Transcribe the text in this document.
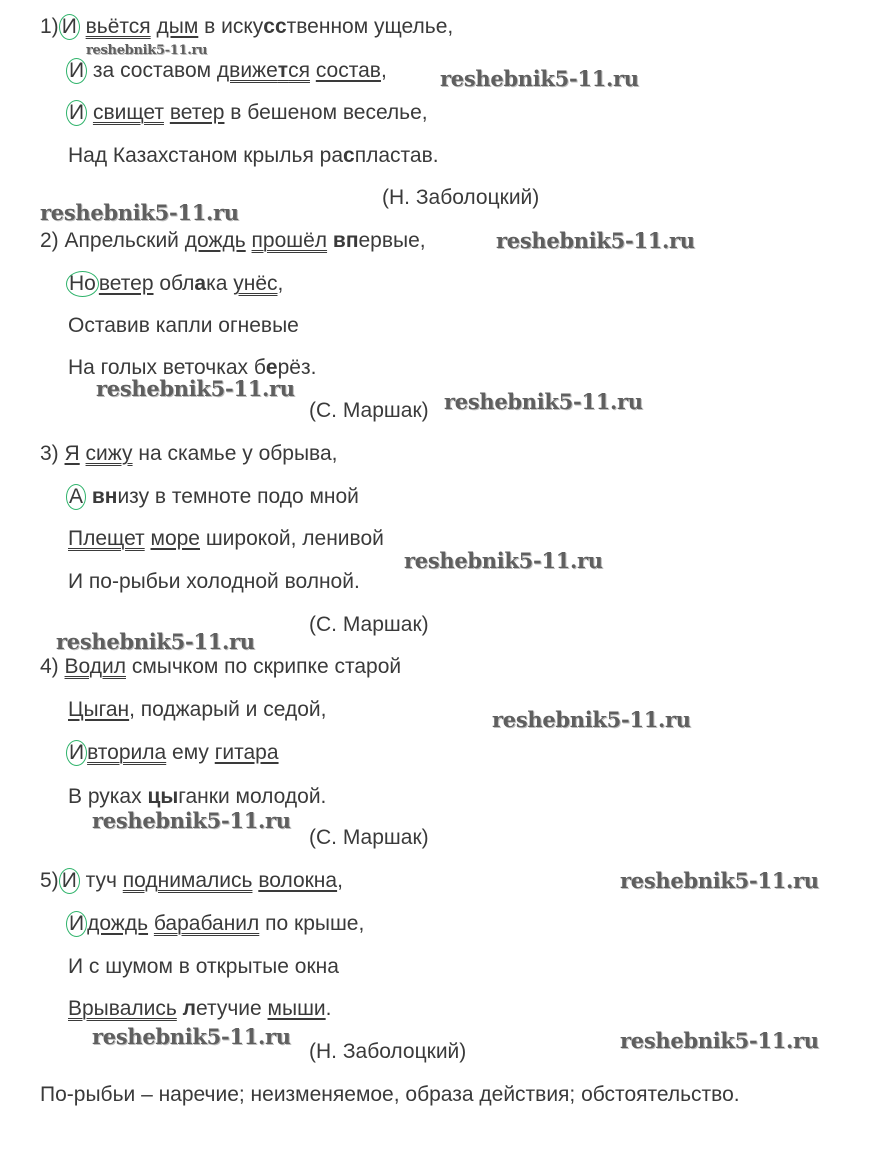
1) И вьётся дым в искусственном ущелье,
И за составом движется состав,
И свищет ветер в бешеном веселье,
Над Казахстаном крылья распластав.
(Н. Заболоцкий)
2) Апрельский дождь прошёл впервые,
Но ветер облака унёс,
Оставив капли огневые
На голых веточках берёз.
(С. Маршак)
3) Я сижу на скамье у обрыва,
А внизу в темноте подо мной
Плещет море широкой, ленивой
И по-рыбьи холодной волной.
(С. Маршак)
4) Водил смычком по скрипке старой
Цыган, поджарый и седой,
И вторила ему гитара
В руках цыганки молодой.
(С. Маршак)
5) И туч поднимались волокна,
И дождь барабанил по крыше,
И с шумом в открытые окна
Врывались летучие мыши.
(Н. Заболоцкий)
По-рыбьи – наречие; неизменяемое, образа действия; обстоятельство.
reshebnik5-11.ru
reshebnik5-11.ru
reshebnik5-11.ru
reshebnik5-11.ru
reshebnik5-11.ru
reshebnik5-11.ru
reshebnik5-11.ru
reshebnik5-11.ru
reshebnik5-11.ru
reshebnik5-11.ru
reshebnik5-11.ru
reshebnik5-11.ru	reshebnik5-11.ru
